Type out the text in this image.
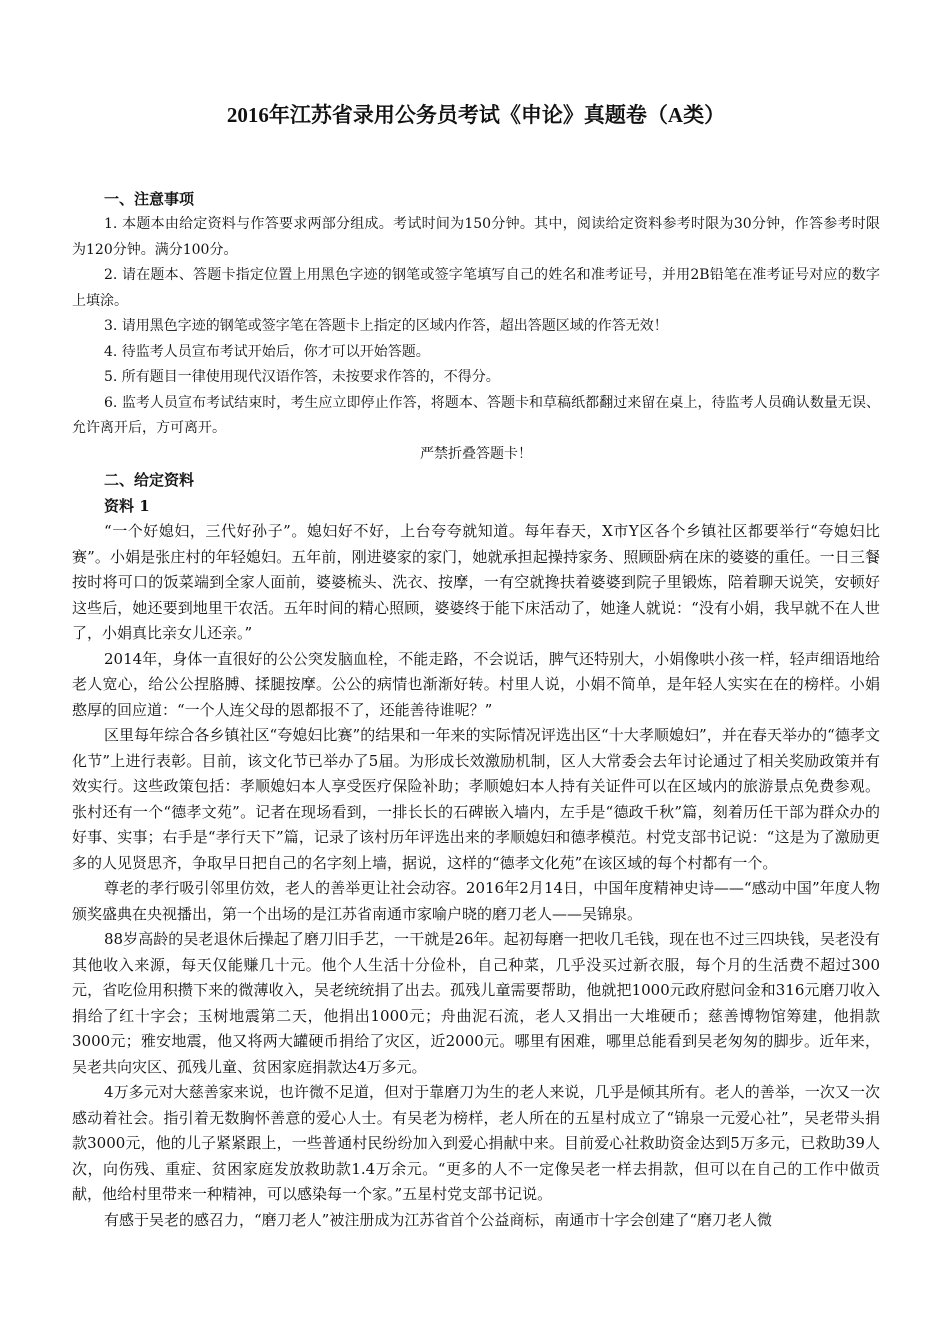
2016年江苏省录用公务员考试《申论》真题卷（A类）

一、注意事项

1. 本题本由给定资料与作答要求两部分组成。考试时间为150分钟。其中，阅读给定资料参考时限为30分钟，作答参考时限为120分钟。满分100分。

2. 请在题本、答题卡指定位置上用黑色字迹的钢笔或签字笔填写自己的姓名和准考证号，并用2B铅笔在准考证号对应的数字上填涂。

3. 请用黑色字迹的钢笔或签字笔在答题卡上指定的区域内作答，超出答题区域的作答无效！

4. 待监考人员宣布考试开始后，你才可以开始答题。

5. 所有题目一律使用现代汉语作答，未按要求作答的，不得分。

6. 监考人员宣布考试结束时，考生应立即停止作答，将题本、答题卡和草稿纸都翻过来留在桌上，待监考人员确认数量无误、允许离开后，方可离开。

严禁折叠答题卡！

二、给定资料

资料 1

“一个好媳妇，三代好孙子”。媳妇好不好，上台夸夸就知道。每年春天，X市Y区各个乡镇社区都要举行“夸媳妇比赛”。小娟是张庄村的年轻媳妇。五年前，刚进婆家的家门，她就承担起操持家务、照顾卧病在床的婆婆的重任。一日三餐按时将可口的饭菜端到全家人面前，婆婆梳头、洗衣、按摩，一有空就搀扶着婆婆到院子里锻炼，陪着聊天说笑，安顿好这些后，她还要到地里干农活。五年时间的精心照顾，婆婆终于能下床活动了，她逢人就说：“没有小娟，我早就不在人世了，小娟真比亲女儿还亲。”

2014年，身体一直很好的公公突发脑血栓，不能走路，不会说话，脾气还特别大，小娟像哄小孩一样，轻声细语地给老人宽心，给公公捏胳膊、揉腿按摩。公公的病情也渐渐好转。村里人说，小娟不简单，是年轻人实实在在的榜样。小娟憨厚的回应道：“一个人连父母的恩都报不了，还能善待谁呢？”

区里每年综合各乡镇社区“夸媳妇比赛”的结果和一年来的实际情况评选出区“十大孝顺媳妇”，并在春天举办的“德孝文化节”上进行表彰。目前，该文化节已举办了5届。为形成长效激励机制，区人大常委会去年讨论通过了相关奖励政策并有效实行。这些政策包括：孝顺媳妇本人享受医疗保险补助；孝顺媳妇本人持有关证件可以在区域内的旅游景点免费参观。张村还有一个“德孝文苑”。记者在现场看到，一排长长的石碑嵌入墙内，左手是“德政千秋”篇，刻着历任干部为群众办的好事、实事；右手是“孝行天下”篇，记录了该村历年评选出来的孝顺媳妇和德孝模范。村党支部书记说：“这是为了激励更多的人见贤思齐，争取早日把自己的名字刻上墙，据说，这样的“德孝文化苑”在该区域的每个村都有一个。

尊老的孝行吸引邻里仿效，老人的善举更让社会动容。2016年2月14日，中国年度精神史诗——“感动中国”年度人物颁奖盛典在央视播出，第一个出场的是江苏省南通市家喻户晓的磨刀老人——吴锦泉。

88岁高龄的吴老退休后操起了磨刀旧手艺，一干就是26年。起初每磨一把收几毛钱，现在也不过三四块钱，吴老没有其他收入来源，每天仅能赚几十元。他个人生活十分俭朴，自己种菜，几乎没买过新衣服，每个月的生活费不超过300元，省吃俭用积攒下来的微薄收入，吴老统统捐了出去。孤残儿童需要帮助，他就把1000元政府慰问金和316元磨刀收入捐给了红十字会；玉树地震第二天，他捐出1000元；舟曲泥石流，老人又捐出一大堆硬币；慈善博物馆筹建，他捐款3000元；雅安地震，他又将两大罐硬币捐给了灾区，近2000元。哪里有困难，哪里总能看到吴老匆匆的脚步。近年来，吴老共向灾区、孤残儿童、贫困家庭捐款达4万多元。

4万多元对大慈善家来说，也许微不足道，但对于靠磨刀为生的老人来说，几乎是倾其所有。老人的善举，一次又一次感动着社会。指引着无数胸怀善意的爱心人士。有吴老为榜样，老人所在的五星村成立了“锦泉一元爱心社”，吴老带头捐款3000元，他的儿子紧紧跟上，一些普通村民纷纷加入到爱心捐献中来。目前爱心社救助资金达到5万多元，已救助39人次，向伤残、重症、贫困家庭发放救助款1.4万余元。“更多的人不一定像吴老一样去捐款，但可以在自己的工作中做贡献，他给村里带来一种精神，可以感染每一个家。”五星村党支部书记说。

有感于吴老的感召力，“磨刀老人”被注册成为江苏省首个公益商标，南通市十字会创建了“磨刀老人微
